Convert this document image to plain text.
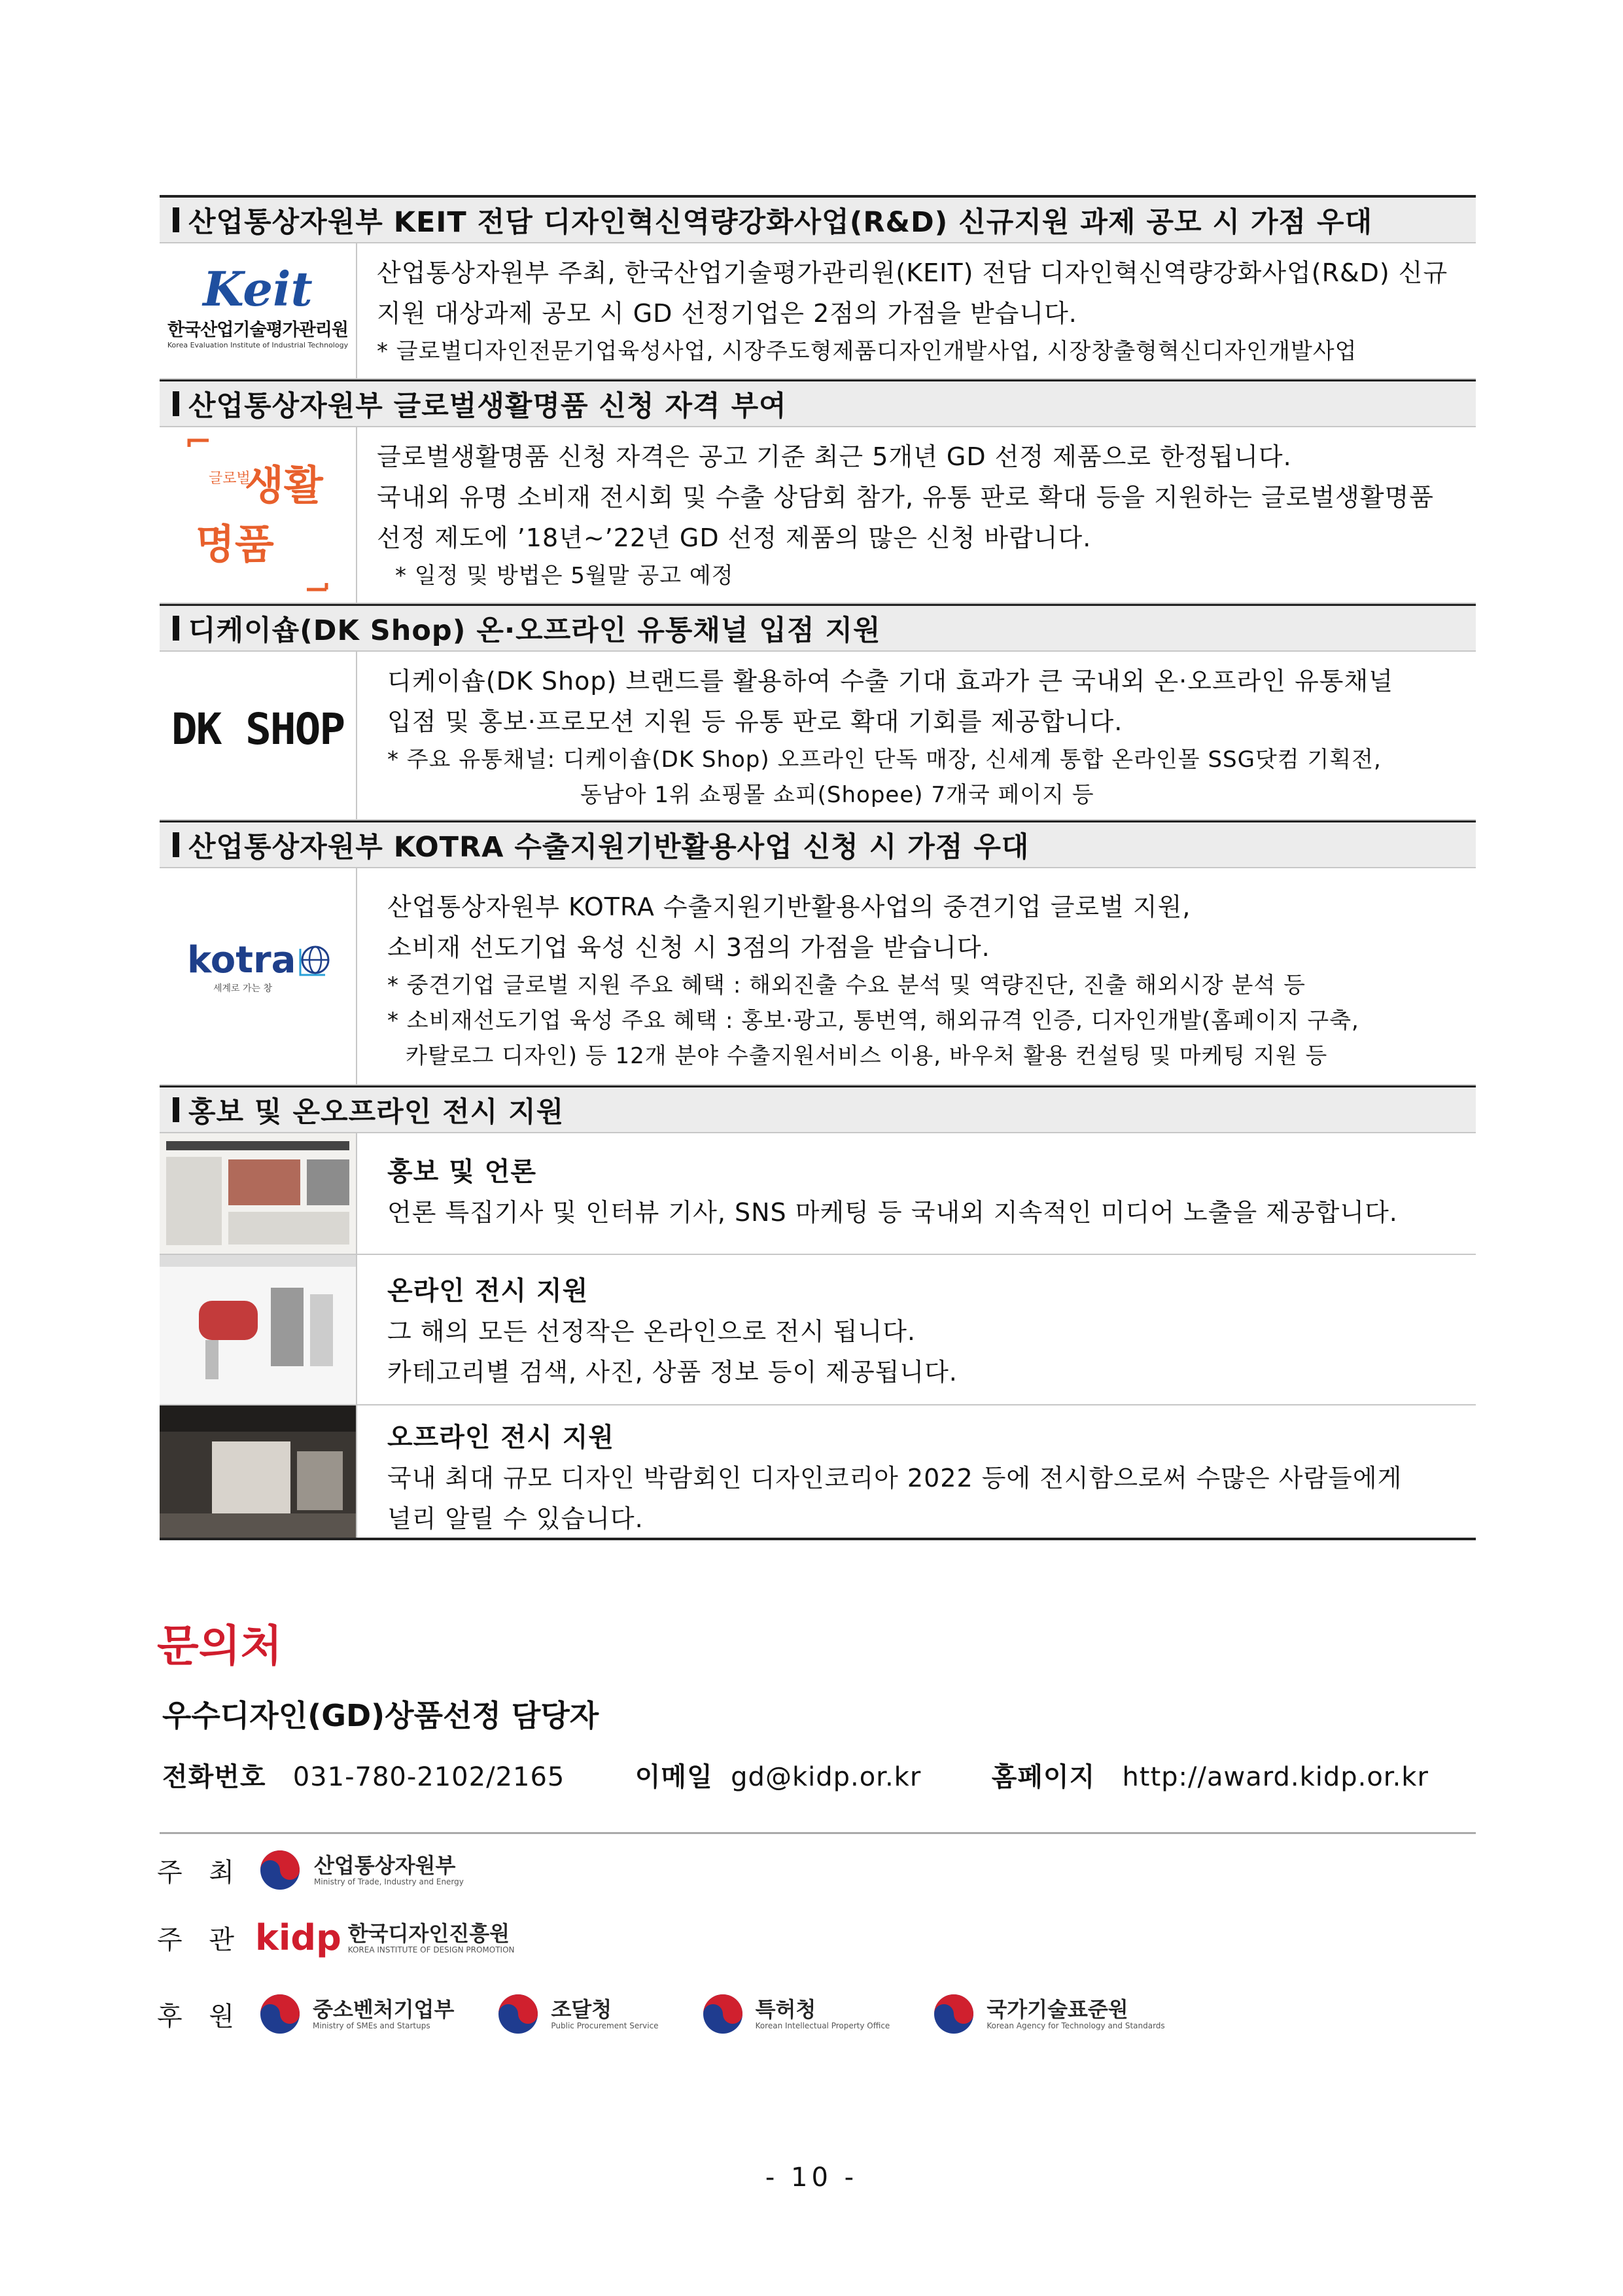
산업통상자원부 KEIT 전담 디자인혁신역량강화사업(R&D) 신규지원 과제 공모 시 가점 우대
Keit
한국산업기술평가관리원
Korea Evaluation Institute of Industrial Technology
산업통상자원부 주최, 한국산업기술평가관리원(KEIT) 전담 디자인혁신역량강화사업(R&D) 신규
지원 대상과제 공모 시 GD 선정기업은 2점의 가점을 받습니다.
* 글로벌디자인전문기업육성사업, 시장주도형제품디자인개발사업, 시장창출형혁신디자인개발사업
산업통상자원부 글로벌생활명품 신청 자격 부여
글로벌
생활
명품
글로벌생활명품 신청 자격은 공고 기준 최근 5개년 GD 선정 제품으로 한정됩니다.
국내외 유명 소비재 전시회 및 수출 상담회 참가, 유통 판로 확대 등을 지원하는 글로벌생활명품
선정 제도에 ’18년~’22년 GD 선정 제품의 많은 신청 바랍니다.
* 일정 및 방법은 5월말 공고 예정
디케이숍(DK Shop) 온·오프라인 유통채널 입점 지원
DK SHOP
디케이숍(DK Shop) 브랜드를 활용하여 수출 기대 효과가 큰 국내외 온·오프라인 유통채널
입점 및 홍보·프로모션 지원 등 유통 판로 확대 기회를 제공합니다.
* 주요 유통채널: 디케이숍(DK Shop) 오프라인 단독 매장, 신세계 통합 온라인몰 SSG닷컴 기획전,
동남아 1위 쇼핑몰 쇼피(Shopee) 7개국 페이지 등
산업통상자원부 KOTRA 수출지원기반활용사업 신청 시 가점 우대
kotra
세계로 가는 창
산업통상자원부 KOTRA 수출지원기반활용사업의 중견기업 글로벌 지원,
소비재 선도기업 육성 신청 시 3점의 가점을 받습니다.
* 중견기업 글로벌 지원 주요 혜택 : 해외진출 수요 분석 및 역량진단, 진출 해외시장 분석 등
* 소비재선도기업 육성 주요 혜택 : 홍보·광고, 통번역, 해외규격 인증, 디자인개발(홈페이지 구축,
카탈로그 디자인) 등 12개 분야 수출지원서비스 이용, 바우처 활용 컨설팅 및 마케팅 지원 등
홍보 및 온오프라인 전시 지원
홍보 및 언론
언론 특집기사 및 인터뷰 기사, SNS 마케팅 등 국내외 지속적인 미디어 노출을 제공합니다.
온라인 전시 지원
그 해의 모든 선정작은 온라인으로 전시 됩니다.
카테고리별 검색, 사진, 상품 정보 등이 제공됩니다.
오프라인 전시 지원
국내 최대 규모 디자인 박람회인 디자인코리아 2022 등에 전시함으로써 수많은 사람들에게
널리 알릴 수 있습니다.
문의처
우수디자인(GD)상품선정 담당자
전화번호 031-780-2102/2165	이메일 gd@kidp.or.kr	홈페이지 http://award.kidp.or.kr
주 최	산업통상자원부
Ministry of Trade, Industry and Energy
주 관 kidp 한국디자인진흥원
KOREA INSTITUTE OF DESIGN PROMOTION
후 원	중소벤처기업부
Ministry of SMEs and Startups
조달청
Public Procurement Service
특허청
Korean Intellectual Property Office
국가기술표준원
Korean Agency for Technology and Standards
- 10 -
